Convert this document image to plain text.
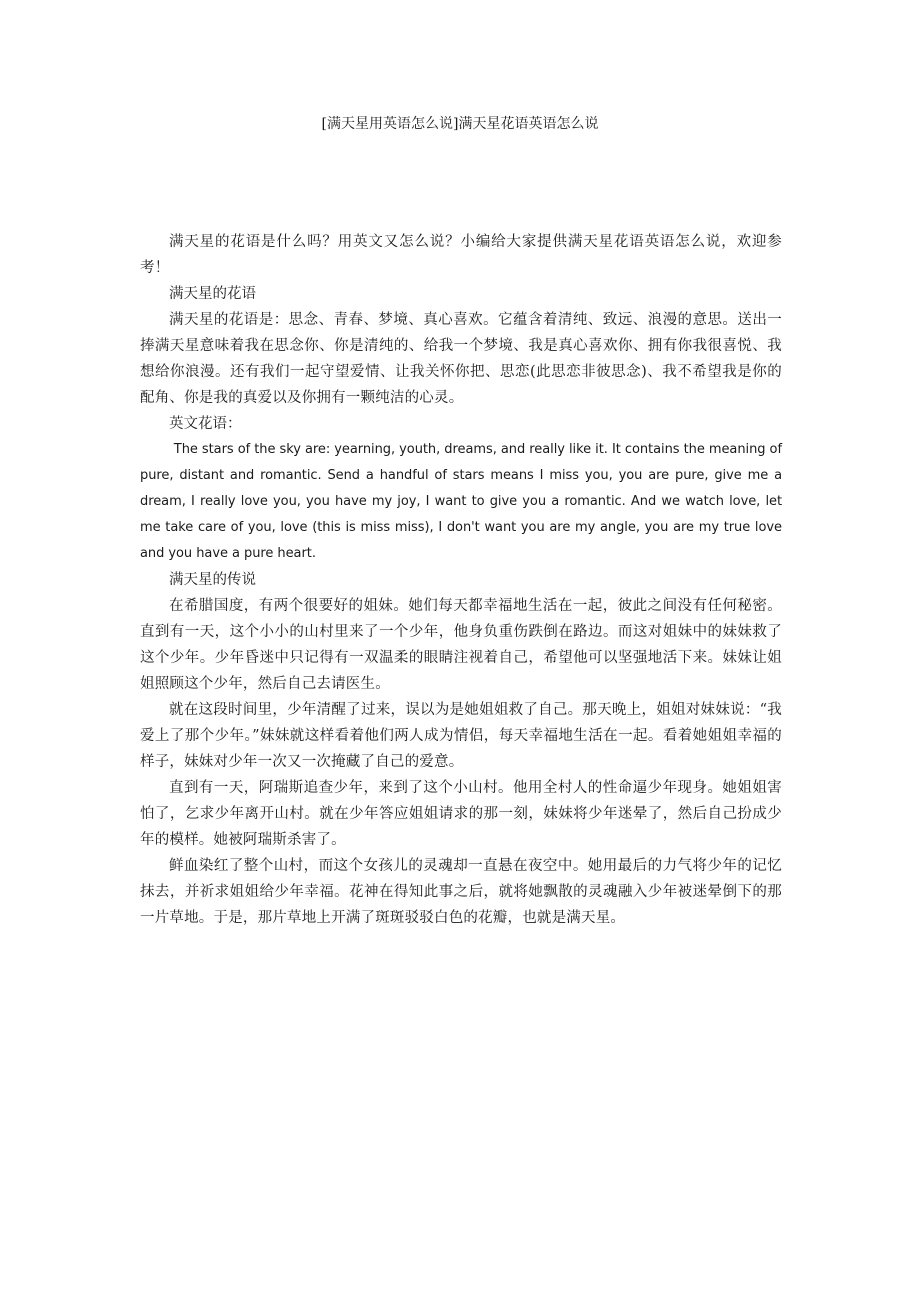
[满天星用英语怎么说]满天星花语英语怎么说

满天星的花语是什么吗？用英文又怎么说？小编给大家提供满天星花语英语怎么说，欢迎参考！

满天星的花语

满天星的花语是：思念、青春、梦境、真心喜欢。它蕴含着清纯、致远、浪漫的意思。送出一捧满天星意味着我在思念你、你是清纯的、给我一个梦境、我是真心喜欢你、拥有你我很喜悦、我想给你浪漫。还有我们一起守望爱情、让我关怀你把、思恋(此思恋非彼思念)、我不希望我是你的配角、你是我的真爱以及你拥有一颗纯洁的心灵。

英文花语：

The stars of the sky are: yearning, youth, dreams, and really like it. It contains the meaning of pure, distant and romantic. Send a handful of stars means I miss you, you are pure, give me a dream, I really love you, you have my joy, I want to give you a romantic. And we watch love, let me take care of you, love (this is miss miss), I don't want you are my angle, you are my true love and you have a pure heart.

满天星的传说

在希腊国度，有两个很要好的姐妹。她们每天都幸福地生活在一起，彼此之间没有任何秘密。直到有一天，这个小小的山村里来了一个少年，他身负重伤跌倒在路边。而这对姐妹中的妹妹救了这个少年。少年昏迷中只记得有一双温柔的眼睛注视着自己，希望他可以坚强地活下来。妹妹让姐姐照顾这个少年，然后自己去请医生。

就在这段时间里，少年清醒了过来，误以为是她姐姐救了自己。那天晚上，姐姐对妹妹说：“我爱上了那个少年。”妹妹就这样看着他们两人成为情侣，每天幸福地生活在一起。看着她姐姐幸福的样子，妹妹对少年一次又一次掩藏了自己的爱意。

直到有一天，阿瑞斯追查少年，来到了这个小山村。他用全村人的性命逼少年现身。她姐姐害怕了，乞求少年离开山村。就在少年答应姐姐请求的那一刻，妹妹将少年迷晕了，然后自己扮成少年的模样。她被阿瑞斯杀害了。

鲜血染红了整个山村，而这个女孩儿的灵魂却一直悬在夜空中。她用最后的力气将少年的记忆抹去，并祈求姐姐给少年幸福。花神在得知此事之后，就将她飘散的灵魂融入少年被迷晕倒下的那一片草地。于是，那片草地上开满了斑斑驳驳白色的花瓣，也就是满天星。
